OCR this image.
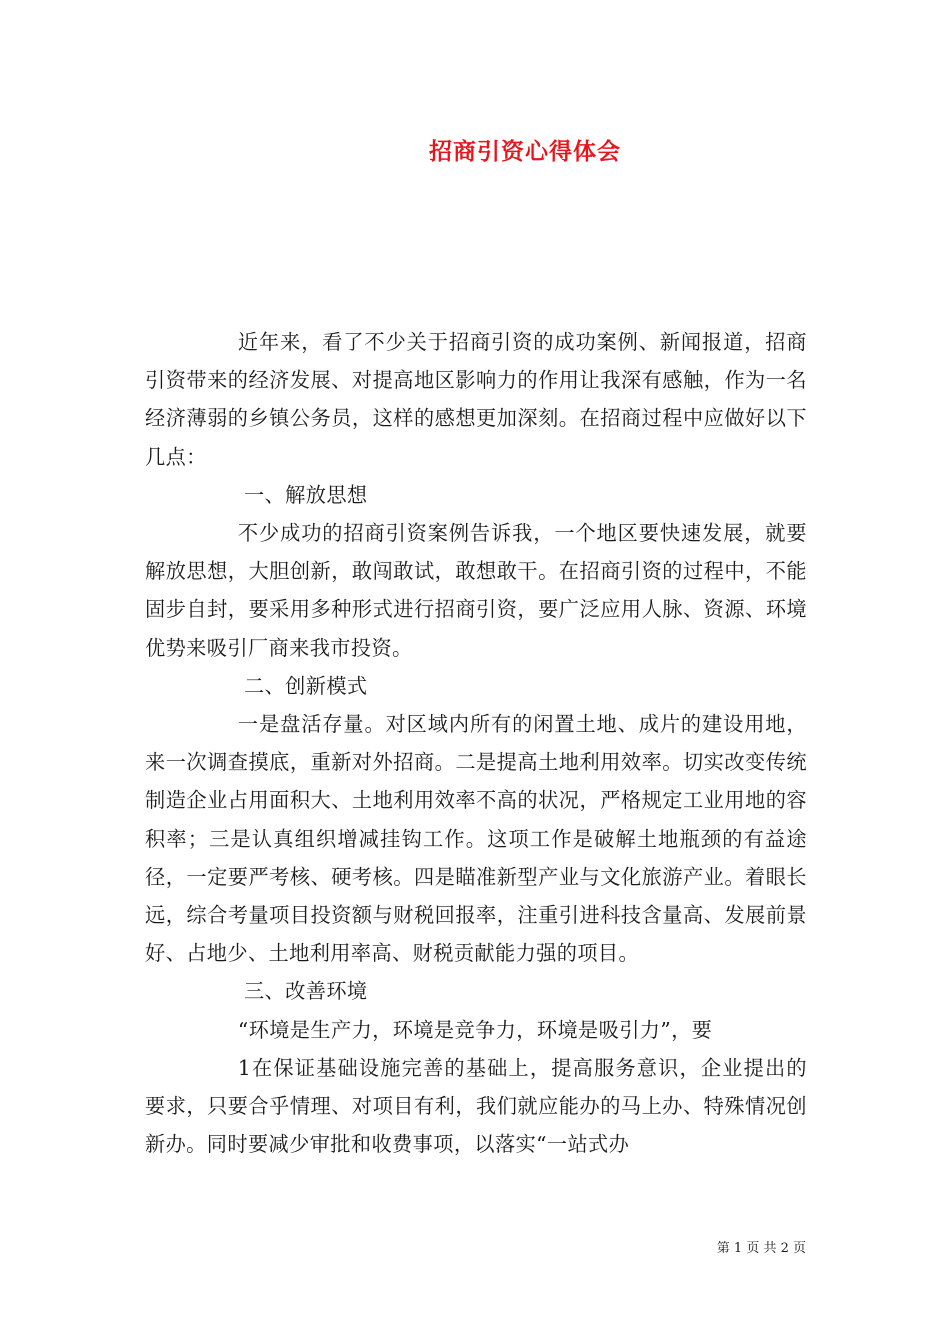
招商引资心得体会

近年来，看了不少关于招商引资的成功案例、新闻报道，招商引资带来的经济发展、对提高地区影响力的作用让我深有感触，作为一名经济薄弱的乡镇公务员，这样的感想更加深刻。在招商过程中应做好以下几点：

一、解放思想

不少成功的招商引资案例告诉我，一个地区要快速发展，就要解放思想，大胆创新，敢闯敢试，敢想敢干。在招商引资的过程中，不能固步自封，要采用多种形式进行招商引资，要广泛应用人脉、资源、环境优势来吸引厂商来我市投资。

二、创新模式

一是盘活存量。对区域内所有的闲置土地、成片的建设用地，来一次调查摸底，重新对外招商。二是提高土地利用效率。切实改变传统制造企业占用面积大、土地利用效率不高的状况，严格规定工业用地的容积率；三是认真组织增减挂钩工作。这项工作是破解土地瓶颈的有益途径，一定要严考核、硬考核。四是瞄准新型产业与文化旅游产业。着眼长远，综合考量项目投资额与财税回报率，注重引进科技含量高、发展前景好、占地少、土地利用率高、财税贡献能力强的项目。

三、改善环境

“环境是生产力，环境是竞争力，环境是吸引力”，要

1在保证基础设施完善的基础上，提高服务意识，企业提出的要求，只要合乎情理、对项目有利，我们就应能办的马上办、特殊情况创新办。同时要减少审批和收费事项，以落实“一站式办

第 1 页 共 2 页
